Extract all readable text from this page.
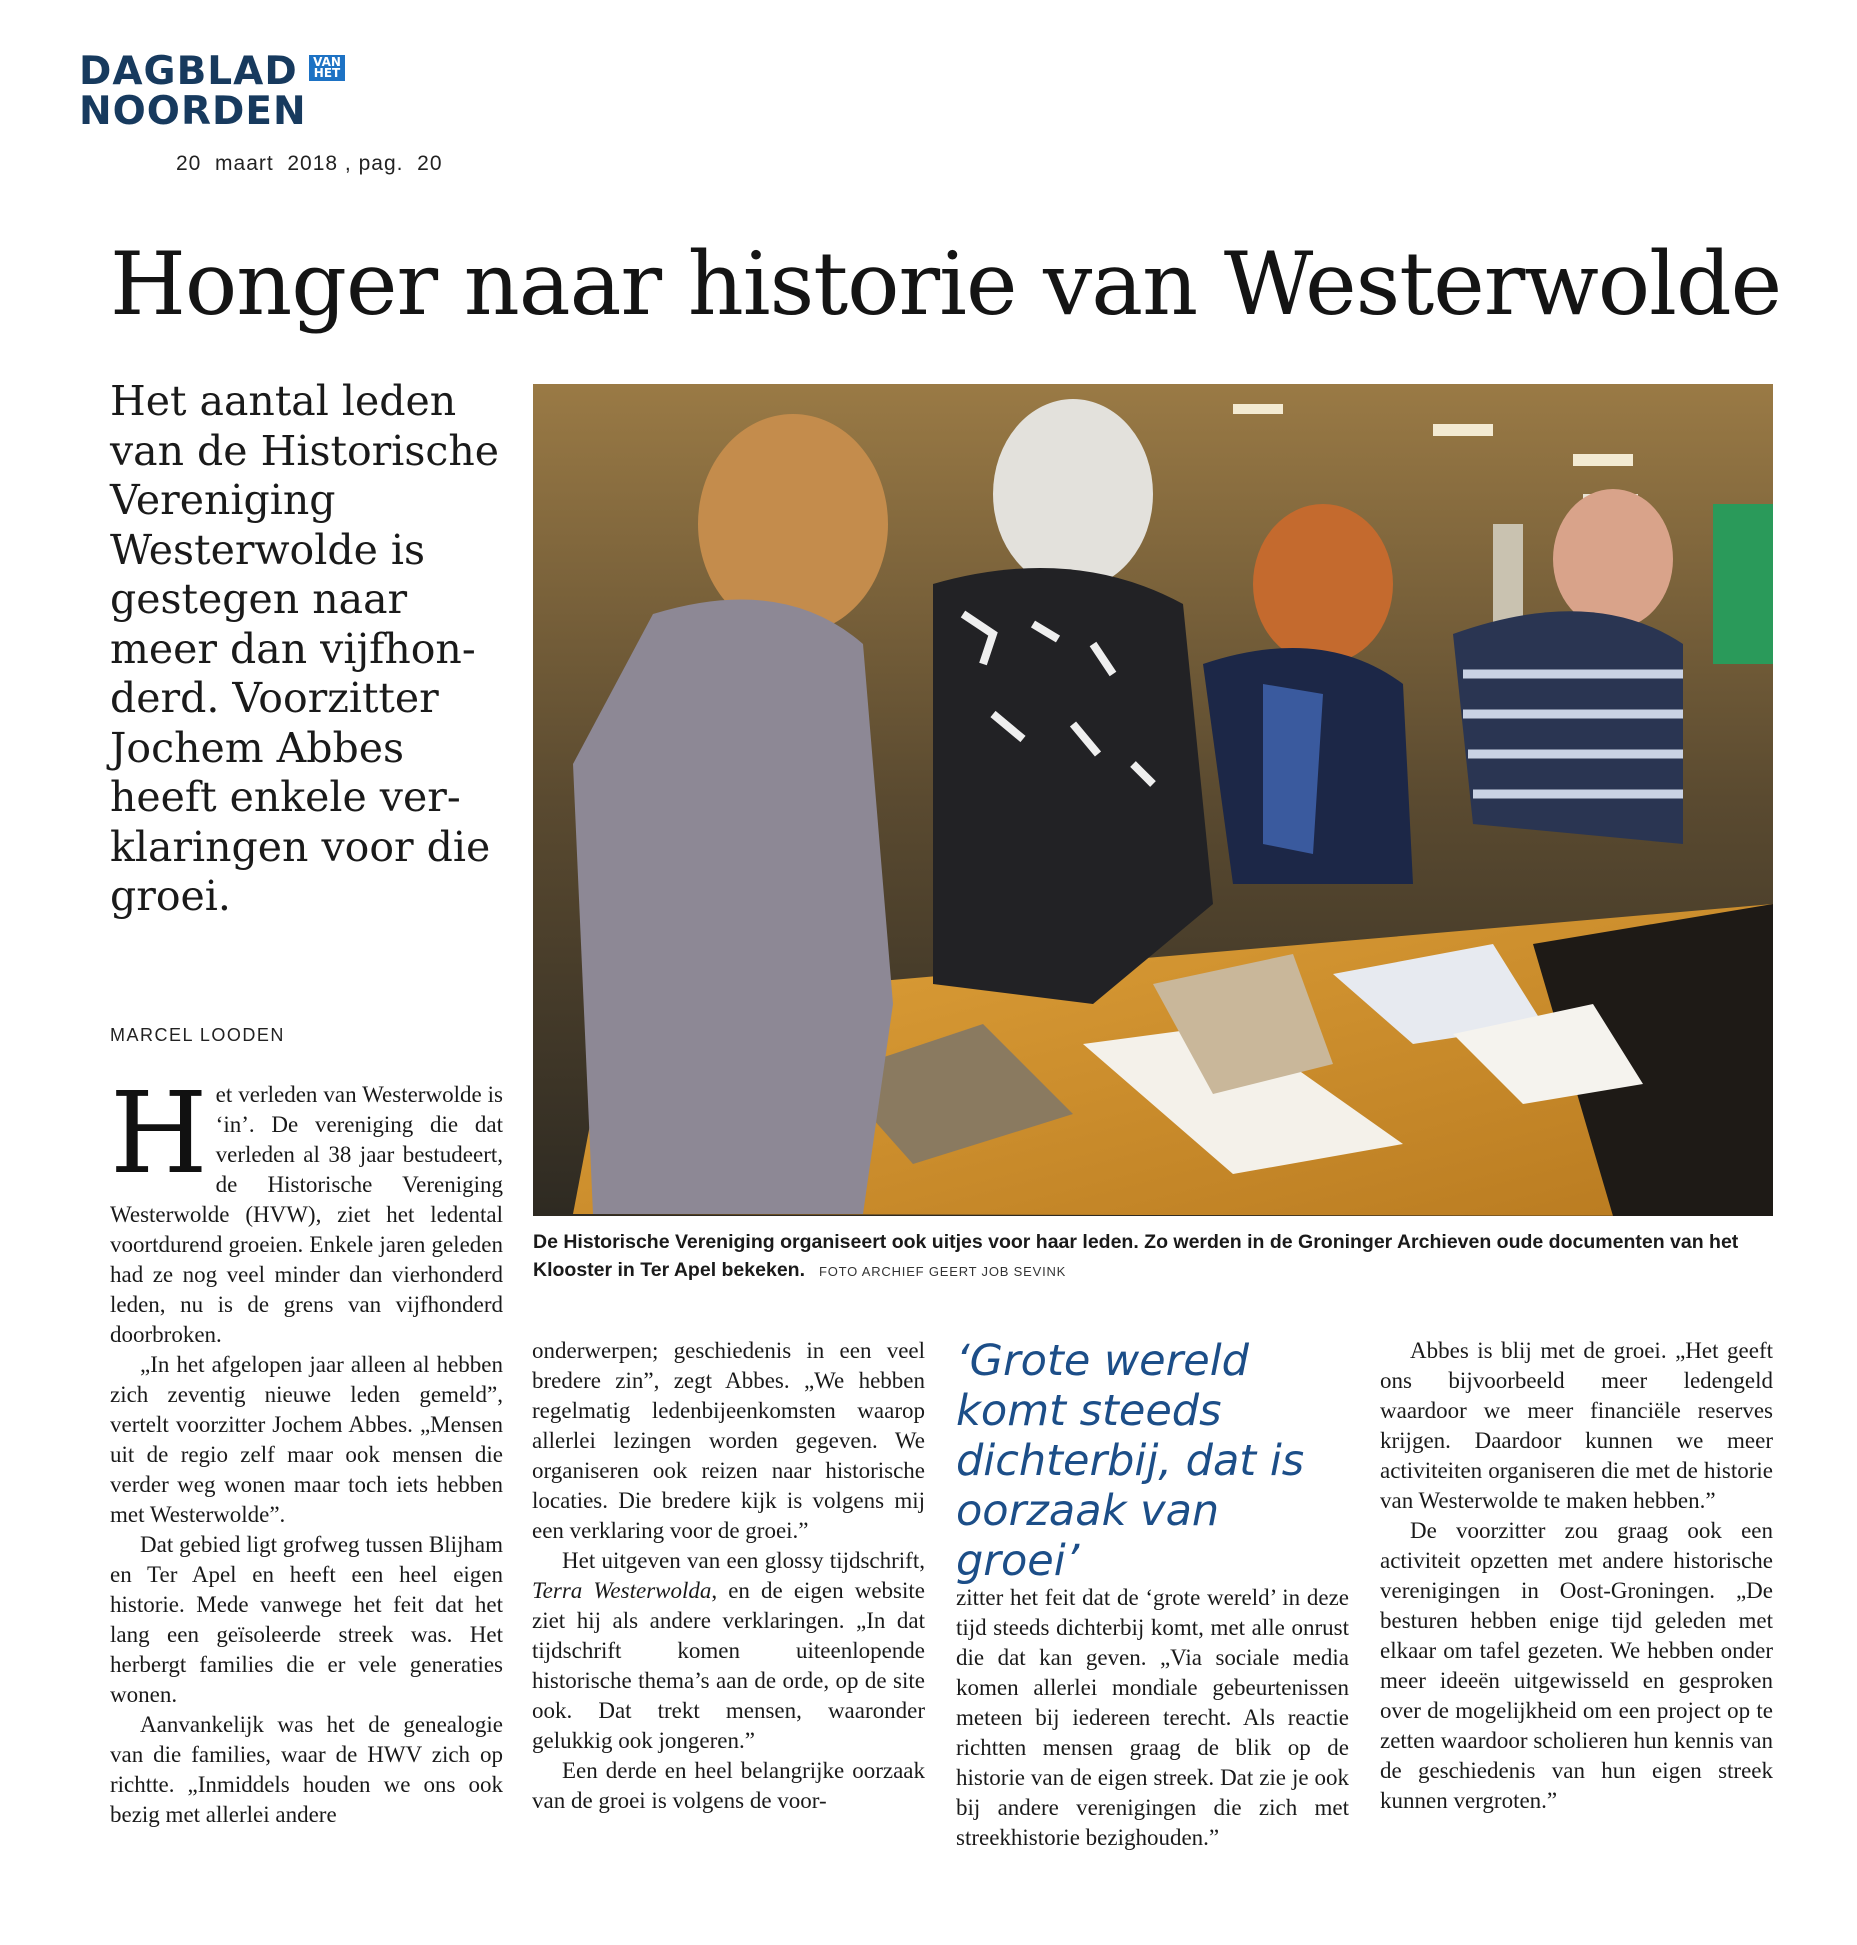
DAGBLAD
NOORDEN
VAN HET
20  maart  2018 , pag.  20
Honger naar historie van Westerwolde
Het aantal leden van de Historische Vereniging Westerwolde is gestegen naar meer dan vijfhonderd. Voorzitter Jochem Abbes heeft enkele verklaringen voor die groei.
MARCEL LOODEN
De Historische Vereniging organiseert ook uitjes voor haar leden. Zo werden in de Groninger Archieven oude documenten van het Klooster in Ter Apel bekeken. FOTO ARCHIEF GEERT JOB SEVINK

Het verleden van Westerwolde is ‘in’. De vereniging die dat verleden al 38 jaar bestudeert, de Historische Vereniging Westerwolde (HVW), ziet het ledental voortdurend groeien. Enkele jaren geleden had ze nog veel minder dan vierhonderd leden, nu is de grens van vijfhonderd doorbroken.

„In het afgelopen jaar alleen al hebben zich zeventig nieuwe leden gemeld”, vertelt voorzitter Jochem Abbes. „Mensen uit de regio zelf maar ook mensen die verder weg wonen maar toch iets hebben met Westerwolde”.

Dat gebied ligt grofweg tussen Blijham en Ter Apel en heeft een heel eigen historie. Mede vanwege het feit dat het lang een geïsoleerde streek was. Het herbergt families die er vele generaties wonen.

Aanvankelijk was het de genealogie van die families, waar de HWV zich op richtte. „Inmiddels houden we ons ook bezig met allerlei andere

onderwerpen; geschiedenis in een veel bredere zin”, zegt Abbes. „We hebben regelmatig ledenbijeenkomsten waarop allerlei lezingen worden gegeven. We organiseren ook reizen naar historische locaties. Die bredere kijk is volgens mij een verklaring voor de groei.”

Het uitgeven van een glossy tijdschrift, Terra Westerwolda, en de eigen website ziet hij als andere verklaringen. „In dat tijdschrift komen uiteenlopende historische thema’s aan de orde, op de site ook. Dat trekt mensen, waaronder gelukkig ook jongeren.”

Een derde en heel belangrijke oorzaak van de groei is volgens de voor-

‘Grote wereld komt steeds dichterbij, dat is oorzaak van groei’

zitter het feit dat de ‘grote wereld’ in deze tijd steeds dichterbij komt, met alle onrust die dat kan geven. „Via sociale media komen allerlei mondiale gebeurtenissen meteen bij iedereen terecht. Als reactie richtten mensen graag de blik op de historie van de eigen streek. Dat zie je ook bij andere verenigingen die zich met streekhistorie bezighouden.”

Abbes is blij met de groei. „Het geeft ons bijvoorbeeld meer ledengeld waardoor we meer financiële reserves krijgen. Daardoor kunnen we meer activiteiten organiseren die met de historie van Westerwolde te maken hebben.”

De voorzitter zou graag ook een activiteit opzetten met andere historische verenigingen in Oost-Groningen. „De besturen hebben enige tijd geleden met elkaar om tafel gezeten. We hebben onder meer ideeën uitgewisseld en gesproken over de mogelijkheid om een project op te zetten waardoor scholieren hun kennis van de geschiedenis van hun eigen streek kunnen vergroten.”
